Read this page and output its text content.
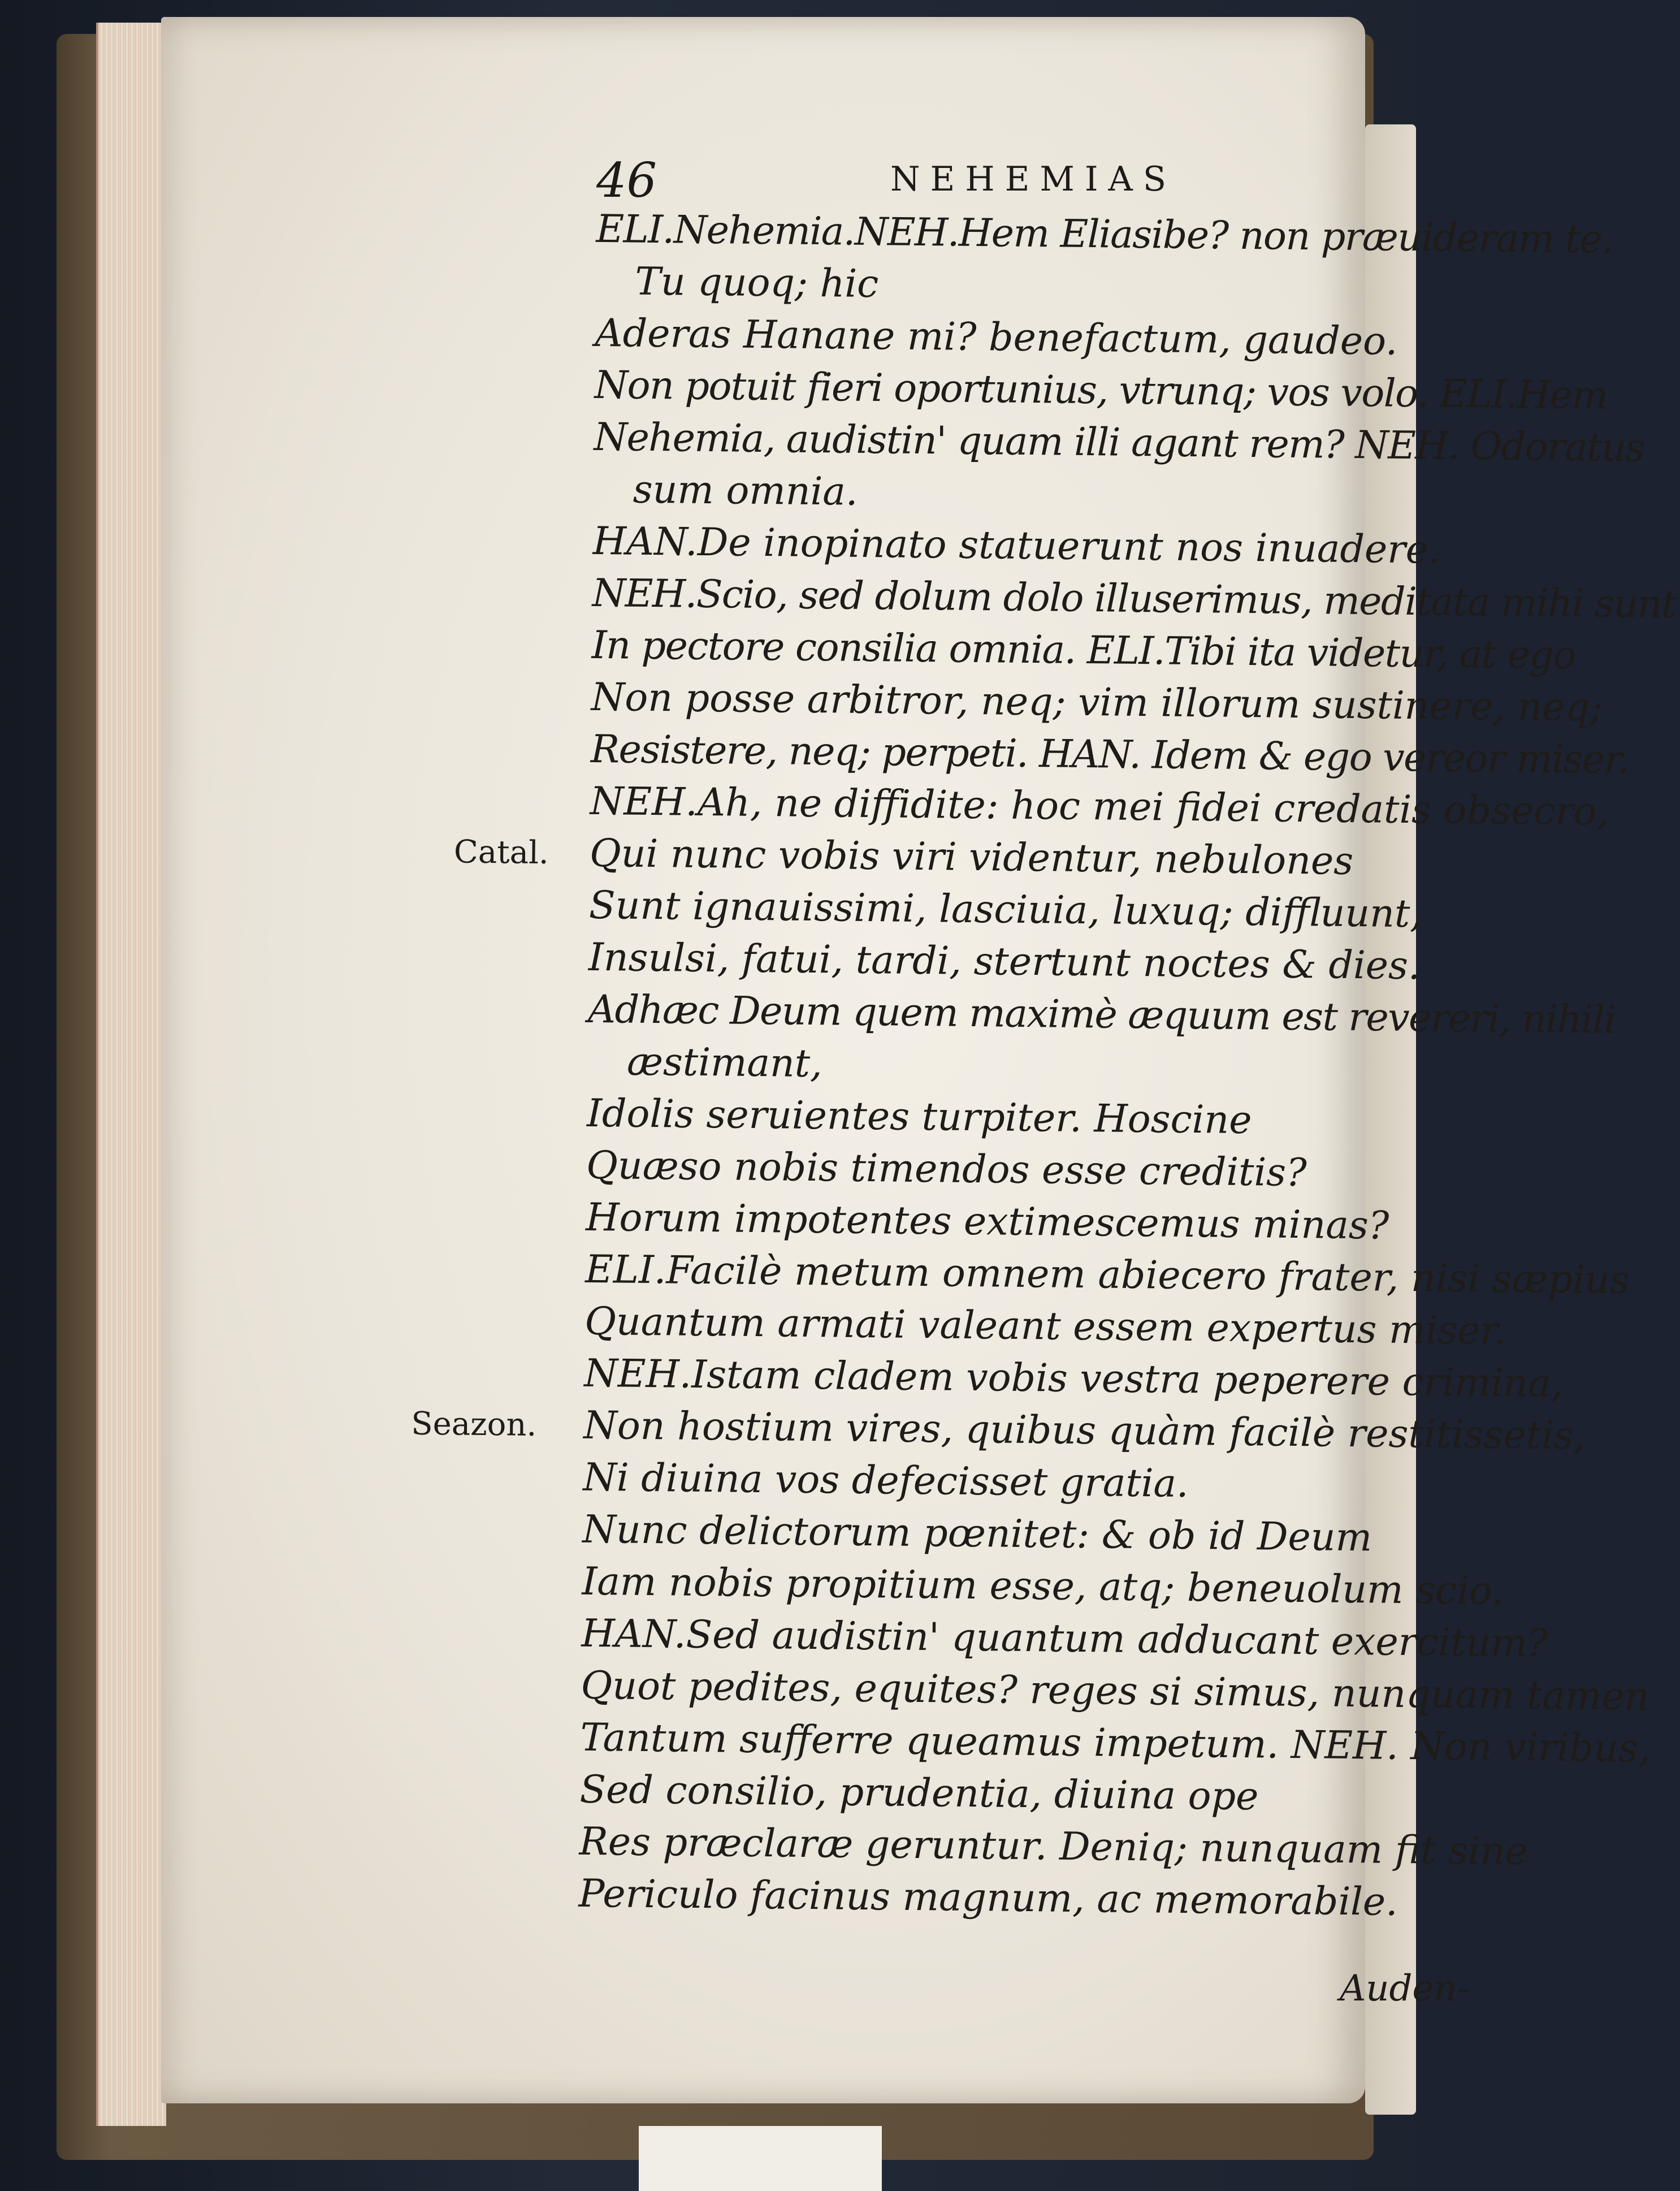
46	NEHEMIAS
ELI.Nehemia.NEH.Hem Eliasibe? non præuideram te.
Tu quoq; hic
Aderas Hanane mi? benefactum, gaudeo.
Non potuit fieri oportunius, vtrunq; vos volo. ELI.Hem
Nehemia, audistin' quam illi agant rem? NEH. Odoratus
sum omnia.
HAN.De inopinato statuerunt nos inuadere.
NEH.Scio, sed dolum dolo illuserimus, meditata mihi sunt
In pectore consilia omnia. ELI.Tibi ita videtur, at ego
Non posse arbitror, neq; vim illorum sustinere, neq;
Resistere, neq; perpeti. HAN. Idem & ego vereor miser.
NEH.Ah, ne diffidite: hoc mei fidei credatis obsecro,
Catal. Qui nunc vobis viri videntur, nebulones
Sunt ignauissimi, lasciuia, luxuq; diffluunt,
Insulsi, fatui, tardi, stertunt noctes & dies.
Adhæc Deum quem maximè æquum est revereri, nihili
æstimant,
Idolis seruientes turpiter. Hoscine
Quæso nobis timendos esse creditis?
Horum impotentes extimescemus minas?
ELI.Facilè metum omnem abiecero frater, nisi sæpius
Quantum armati valeant essem expertus miser.
NEH.Istam cladem vobis vestra peperere crimina,
Seazon. Non hostium vires, quibus quàm facilè restitissetis,
Ni diuina vos defecisset gratia.
Nunc delictorum pœnitet: & ob id Deum
Iam nobis propitium esse, atq; beneuolum scio.
HAN.Sed audistin' quantum adducant exercitum?
Quot pedites, equites? reges si simus, nunquam tamen
Tantum sufferre queamus impetum. NEH. Non viribus,
Sed consilio, prudentia, diuina ope
Res præclaræ geruntur. Deniq; nunquam fit sine
Periculo facinus magnum, ac memorabile.
Auden-
